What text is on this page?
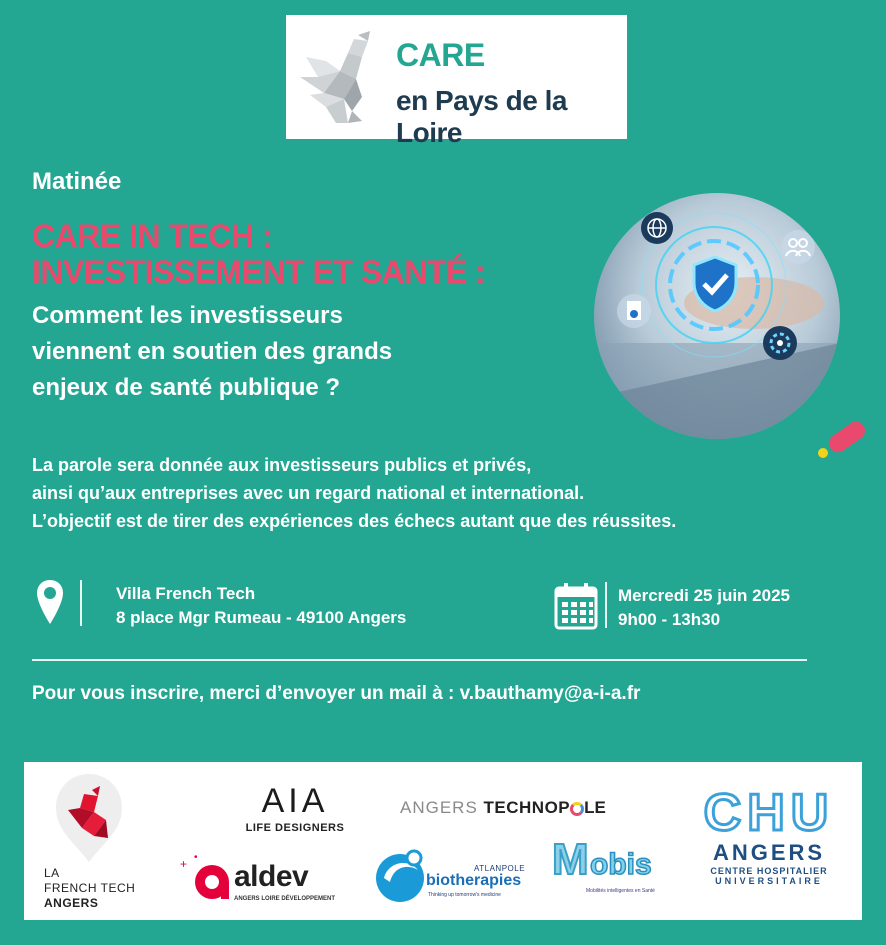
CARE
en Pays de la Loire
Matinée
CARE IN TECH :
INVESTISSEMENT ET SANTÉ :
Comment les investisseurs
viennent en soutien des grands
enjeux de santé publique ?
La parole sera donnée aux investisseurs publics et privés,
ainsi qu’aux entreprises avec un regard national et international.
L’objectif est de tirer des expériences des échecs autant que des réussites.
Villa French Tech
8 place Mgr Rumeau - 49100 Angers
Mercredi 25 juin 2025
9h00 - 13h30
Pour vous inscrire, merci d’envoyer un mail à : v.bauthamy@a-i-a.fr
LA
FRENCH TECH
ANGERS
AIA
LIFE DESIGNERS
ANGERS TECHNOP LE CHU
ANGERS
CENTRE HOSPITALIER
UNIVERSITAIRE
+ •
aldev
ANGERS LOIRE DÉVELOPPEMENT
ATLANPOLE
biotherapies
Thinking up tomorrow's medicine
M obis
Mobilités intelligentes en Santé
